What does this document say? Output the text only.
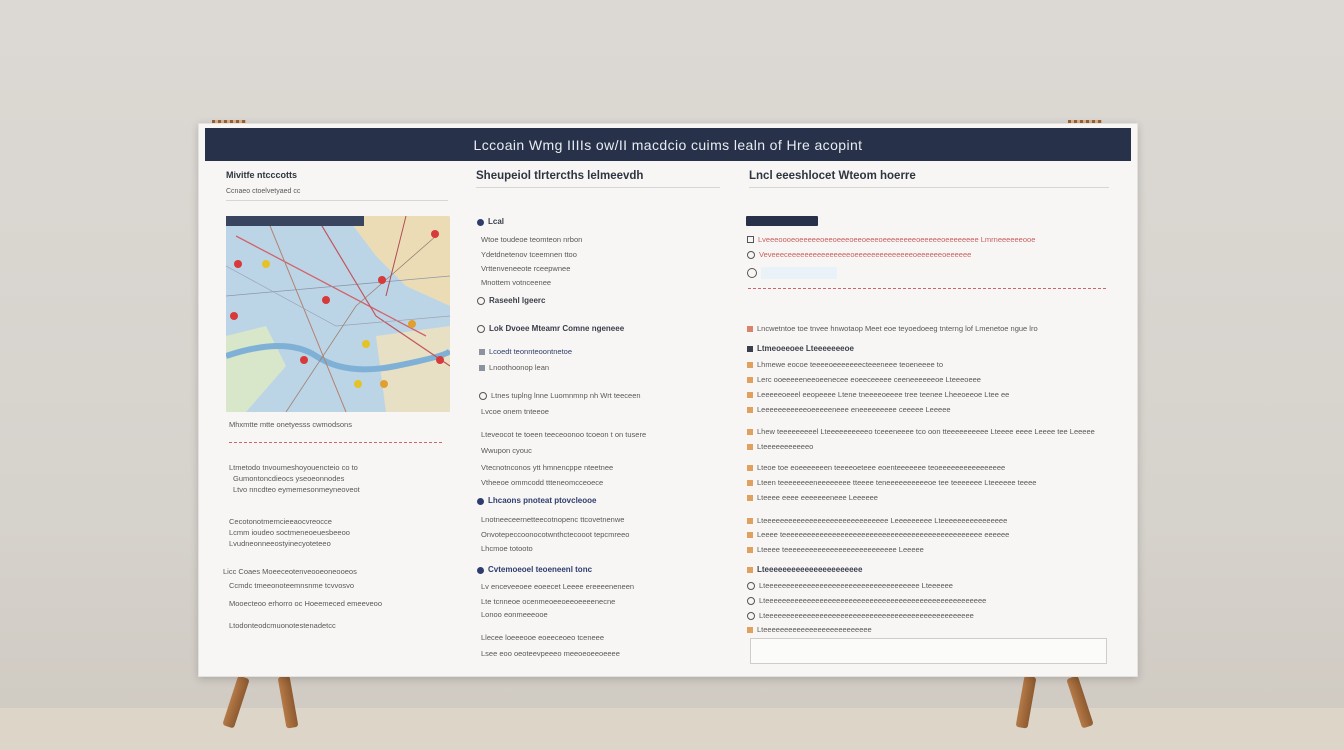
Lccoain Wmg IIIIs ow/II macdcio cuims lealn of Hre acopint
Mivitfe ntcccotts
Ccnaeo ctoelvetyaed cc
Mhxmtte mtte onetyesss cwmodsons
Ltmetodo tnvoumeshoyouencteio co to
Gumontoncdieocs yseoeonnodes
Ltvo nncdteo eymemesonmeyneoveot
Cecotonotmemcieeaocvreocce
Lcmm ioudeo soctmeneoeuesbeeoo
Lvudneonneeostyinecyoteteeo
Licc Coaes Moeeceotenveooeoneooeos
Ccmdc tmeeonoteemnsnme tcvvosvo
Mooecteoo erhorro oc Hoeemeced emeeveoo
Ltodonteodcmuonotestenadetcc
Sheupeiol tlrtercths lelmeevdh
Lcal
Wtoe toudeoe teomteon nrbon
Ydetdnetenov tceemnen ttoo
Vrttenveneeote rceepwnee
Mnottem votnceenee
Raseehl lgeerc
Lok Dvoee Mteamr Comne ngeneee
Lcoedt teonnteoontnetoe
Lnoothoonop lean
Ltnes tuplng lnne Luomnmnp nh Wrt teeceen
Lvcoe onem tnteeoe
Lteveocot te toeen teeceoonoo tcoeon t on tusere
Wwupon cyouc
Vtecnotnconos ytt hmnencppe nteetnee
Vtheeoe ommcodd ttteneomcceoece
Lhcaons pnoteat ptovcleooe
Lnotneeceernetteecotnopenc ttcovetnenwe
Onvotepeccoonocotwnthctecooot tepcmreeo
Lhcmoe totooto
Cvtemoeoel teoeneenl tonc
Lv enceveeoee eoeecet Leeee ereeeeneneen
Lte tcnneoe ocenmeoeeoeeoeeeenecne
Lonoo eonmeeeooe
Llecee loeeeooe eoeeceoeo tceneee
Lsee eoo oeoteevpeeeo meeoeoeeoeeee
Lncl eeeshlocet Wteom hoerre
Lveeeoooeoeeeeeoeeoeeeoeeoeeeoeeeeeeeeoeeeeeoeeeeeeee Lmrneeeeeeooe
Veveeeceeeeeeeeeeeeeeeoeeeeeeeeeeeeeeoeeeeeeoeeeeee
Lncwetntoe toe tnvee hnwotaop Meet eoe teyoedoeeg tnterng lof Lmenetoe ngue lro
Ltmeoeeoee Lteeeeeeeoe
Lhmewe eocoe teeeeoeeeeeeecteeeneee teoeneeee to
Lerc ooeeeeeneeoeenecee eoeeceeeee ceeneeeeeeoe Lteeeoeee
Leeeeeoeeel eeopeeee Ltene tneeeeoeeee tree teenee Lheeoeeoe Ltee ee
Leeeeeeeeeeeoeeeeeneee eneeeeeeeee ceeeee Leeeee
Lhew teeeeeeeeel Lteeeeeeeeeeo tceeeneeee tco oon tteeeeeeeeee Lteeee eeee Leeee tee Leeeee
Lteeeeeeeeeeeo
Lteoe toe eoeeeeeeen teeeeoeteee eoenteeeeeee teoeeeeeeeeeeeeeeee
Lteen teeeeeeeeneeeeeeee tteeee teneeeeeeeeeeoe tee teeeeeee Lteeeeee teeee
Lteeee eeee eeeeeeeneee Leeeeee
Lteeeeeeeeeeeeeeeeeeeeeeeeeeeeee Leeeeeeeee Lteeeeeeeeeeeeeeee
Leeee teeeeeeeeeeeeeeeeeeeeeeeeeeeeeeeeeeeeeeeeeeeeeeee eeeeee
Lteeee teeeeeeeeeeeeeeeeeeeeeeeeeee Leeeee
Lteeeeeeeeeeeeeeeeeeeeee
Lteeeeeeeeeeeeeeeeeeeeeeeeeeeeeeeeeeeee Lteeeeee
Lteeeeeeeeeeeeeeeeeeeeeeeeeeeeeeeeeeeeeeeeeeeeeeeeeeeee
Lteeeeeeeeeeeeeeeeeeeeeeeeeeeeeeeeeeeeeeeeeeeeeeeeee
Lteeeeeeeeeeeeeeeeeeeeeeeeee
